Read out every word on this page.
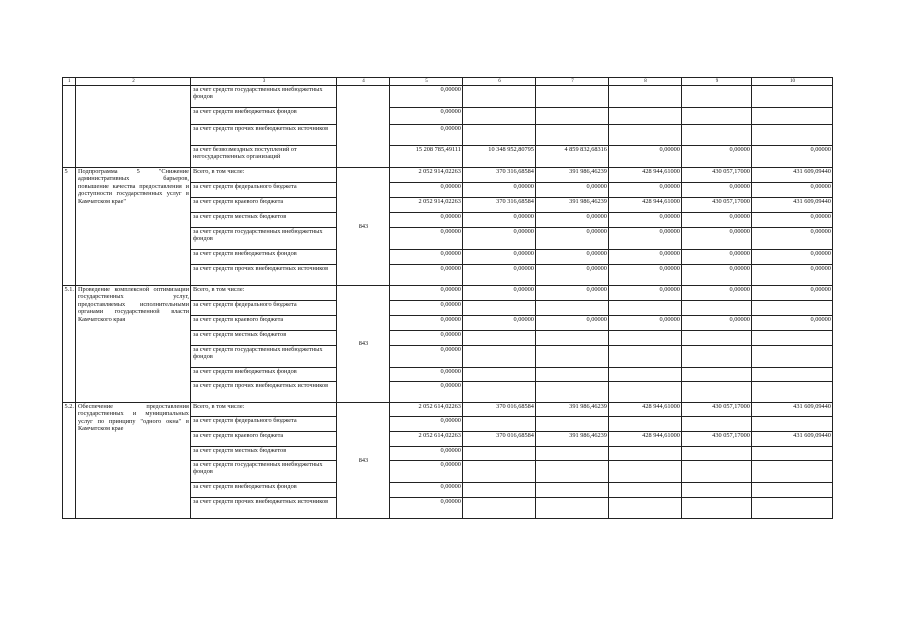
1	2	3	4	5	6	7	8	9	10
		за счет средств государственных внебюджетных фондов		0,00000					
		за счет средств внебюджетных фондов		0,00000					
		за счет средств прочих внебюджетных источников		0,00000					
		за счет безвозмездных поступлений от негосударственных организаций		15 208 785,49111	10 348 952,80795	4 859 832,68316	0,00000	0,00000	0,00000
5	Подпрограмма 5 "Снижение административных барьеров, повышение качества предоставления и доступности государственных услуг в Камчатском крае"	Всего, в том числе:	843	2 052 914,02263	370 316,68584	391 986,46239	428 944,61000	430 057,17000	431 609,09440
		за счет средств федерального бюджета		0,00000	0,00000	0,00000	0,00000	0,00000	0,00000
		за счет средств краевого бюджета		2 052 914,02263	370 316,68584	391 986,46239	428 944,61000	430 057,17000	431 609,09440
		за счет средств местных бюджетов		0,00000	0,00000	0,00000	0,00000	0,00000	0,00000
		за счет средств государственных внебюджетных фондов		0,00000	0,00000	0,00000	0,00000	0,00000	0,00000
		за счет средств внебюджетных фондов		0,00000	0,00000	0,00000	0,00000	0,00000	0,00000
		за счет средств прочих внебюджетных источников		0,00000	0,00000	0,00000	0,00000	0,00000	0,00000
5.1.	Проведение комплексной оптимизации государственных услуг, предоставляемых исполнительными органами государственной власти Камчатского края	Всего, в том числе:	843	0,00000	0,00000	0,00000	0,00000	0,00000	0,00000
		за счет средств федерального бюджета		0,00000					
		за счет средств краевого бюджета		0,00000	0,00000	0,00000	0,00000	0,00000	0,00000
		за счет средств местных бюджетов		0,00000					
		за счет средств государственных внебюджетных фондов		0,00000					
		за счет средств внебюджетных фондов		0,00000					
		за счет средств прочих внебюджетных источников		0,00000					
5.2.	Обеспечение предоставления государственных и муниципальных услуг по принципу "одного окна" в Камчатском крае	Всего, в том числе:	843	2 052 614,02263	370 016,68584	391 986,46239	428 944,61000	430 057,17000	431 609,09440
		за счет средств федерального бюджета		0,00000					
		за счет средств краевого бюджета		2 052 614,02263	370 016,68584	391 986,46239	428 944,61000	430 057,17000	431 609,09440
		за счет средств местных бюджетов		0,00000					
		за счет средств государственных внебюджетных фондов		0,00000					
		за счет средств внебюджетных фондов		0,00000					
		за счет средств прочих внебюджетных источников		0,00000					
